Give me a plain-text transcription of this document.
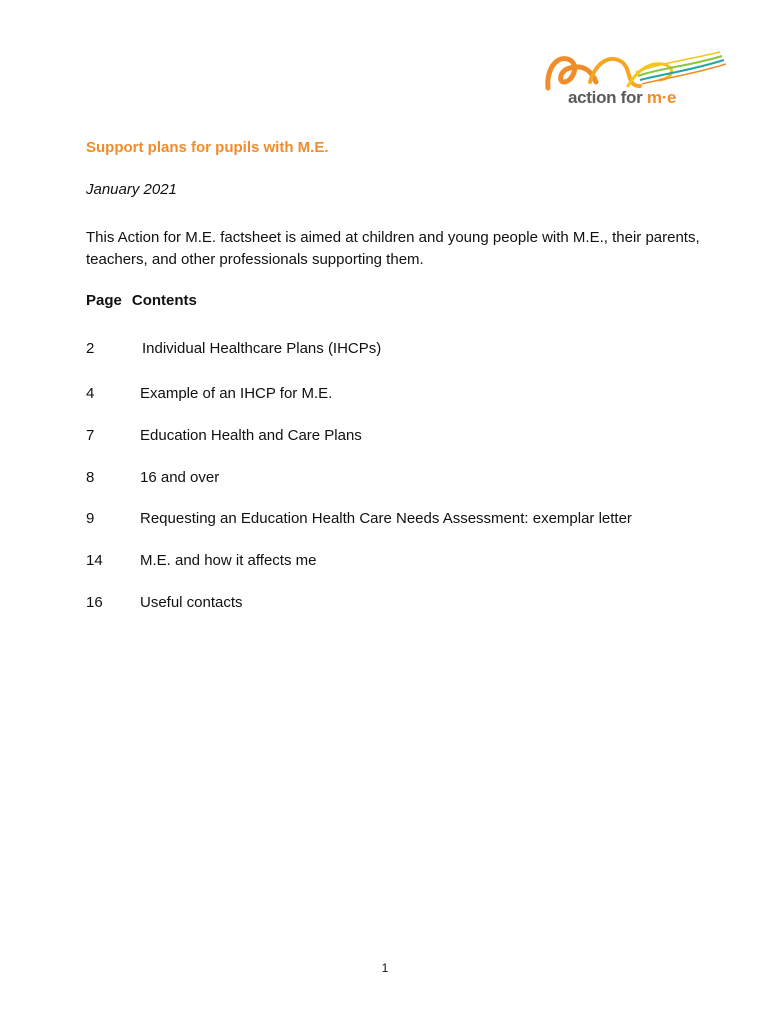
action for m·e
Support plans for pupils with M.E.
January 2021
This Action for M.E. factsheet is aimed at children and young people with M.E., their parents, teachers, and other professionals supporting them.
Page Contents
2	Individual Healthcare Plans (IHCPs)
4	Example of an IHCP for M.E.
7	Education Health and Care Plans
8	16 and over
9	Requesting an Education Health Care Needs Assessment: exemplar letter
14 M.E. and how it affects me
16 Useful contacts
1
